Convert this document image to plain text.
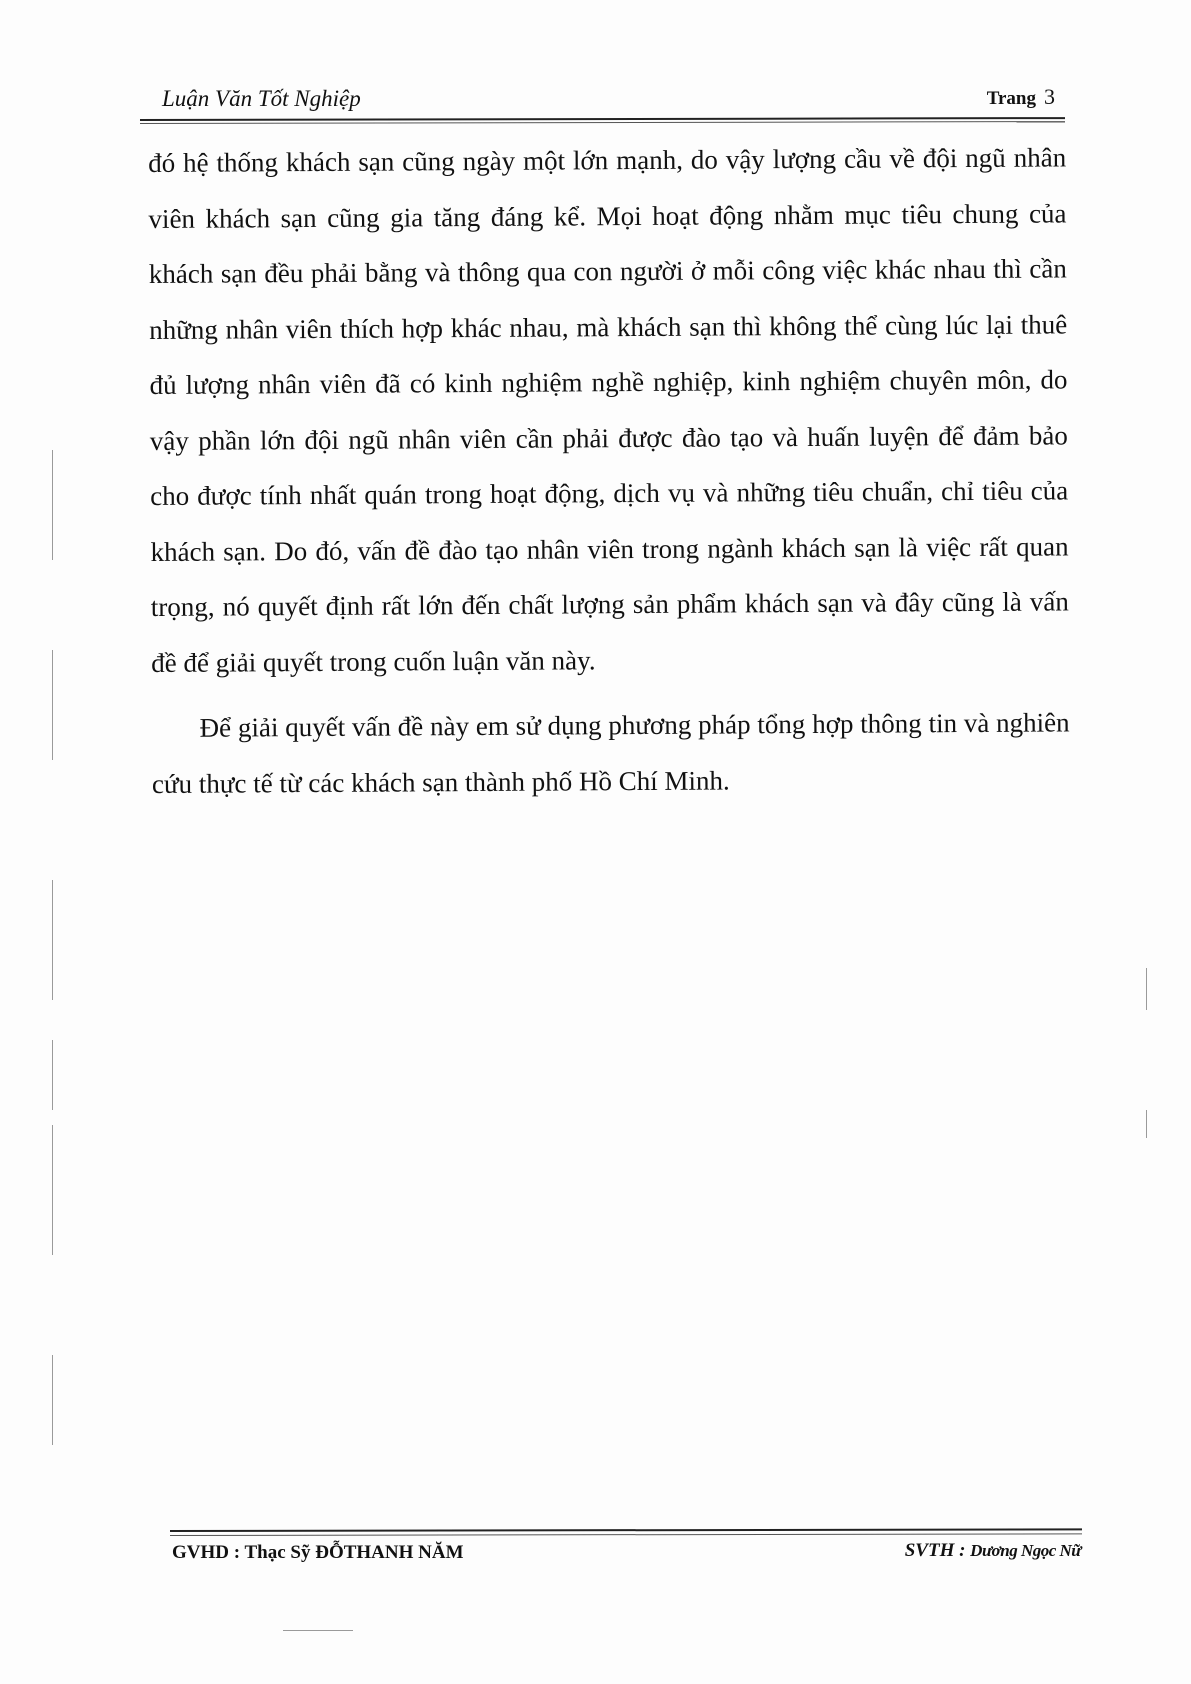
Luận Văn Tốt Nghiệp	Trang 3

đó hệ thống khách sạn cũng ngày một lớn mạnh, do vậy lượng cầu về đội ngũ nhân viên khách sạn cũng gia tăng đáng kể. Mọi hoạt động nhằm mục tiêu chung của khách sạn đều phải bằng và thông qua con người ở mỗi công việc khác nhau thì cần những nhân viên thích hợp khác nhau, mà khách sạn thì không thể cùng lúc lại thuê đủ lượng nhân viên đã có kinh nghiệm nghề nghiệp, kinh nghiệm chuyên môn, do vậy phần lớn đội ngũ nhân viên cần phải được đào tạo và huấn luyện để đảm bảo cho được tính nhất quán trong hoạt động, dịch vụ và những tiêu chuẩn, chỉ tiêu của khách sạn. Do đó, vấn đề đào tạo nhân viên trong ngành khách sạn là việc rất quan trọng, nó quyết định rất lớn đến chất lượng sản phẩm khách sạn và đây cũng là vấn đề để giải quyết trong cuốn luận văn này.

Để giải quyết vấn đề này em sử dụng phương pháp tổng hợp thông tin và nghiên cứu thực tế từ các khách sạn thành phố Hồ Chí Minh.

GVHD : Thạc Sỹ ĐỖTHANH NĂM	SVTH : Dương Ngọc Nữ
